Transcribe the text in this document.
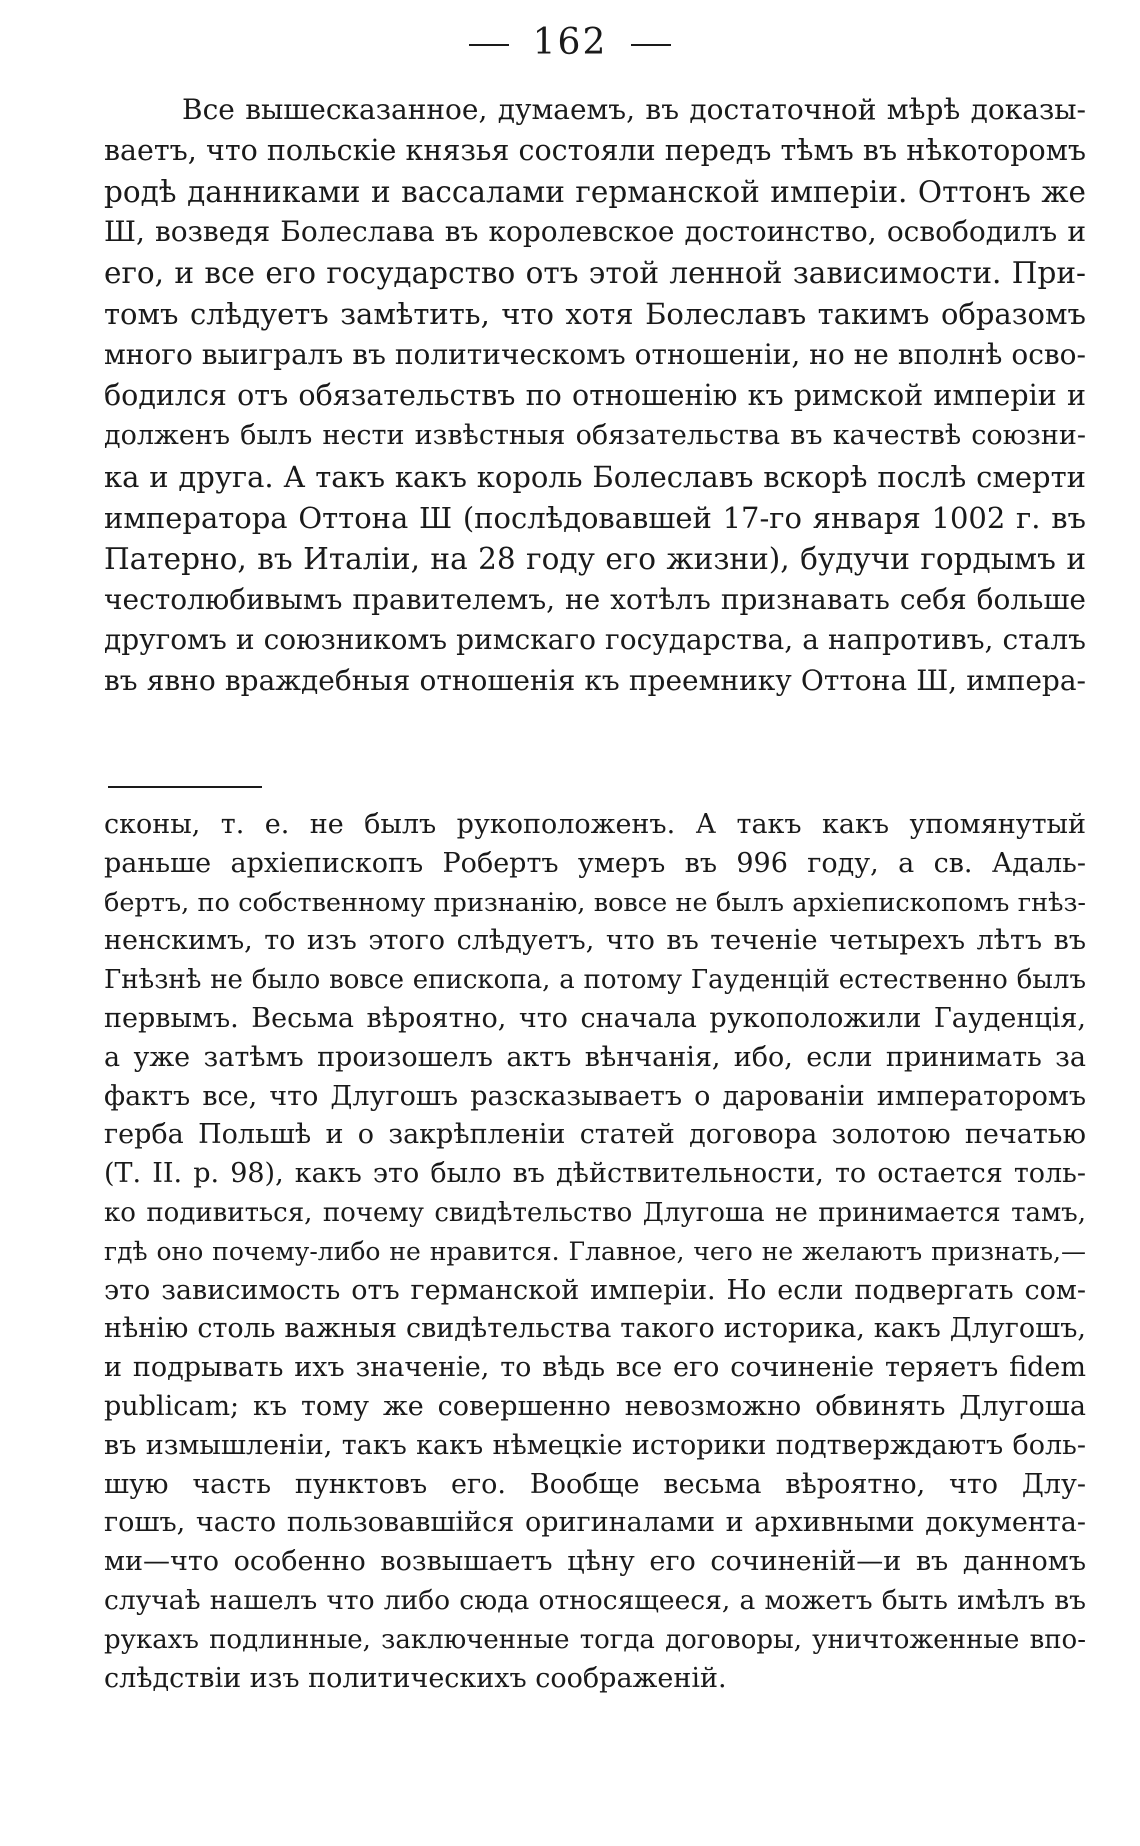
162
Все вышесказанное, думаемъ, въ достаточной мѣрѣ доказы-
ваетъ, что польскіе князья состояли передъ тѣмъ въ нѣкоторомъ
родѣ данниками и вассалами германской имперіи. Оттонъ же
Ш, возведя Болеслава въ королевское достоинство, освободилъ и
его, и все его государство отъ этой ленной зависимости. При-
томъ слѣдуетъ замѣтить, что хотя Болеславъ такимъ образомъ
много выигралъ въ политическомъ отношеніи, но не вполнѣ осво-
бодился отъ обязательствъ по отношенію къ римской имперіи и
долженъ былъ нести извѣстныя обязательства въ качествѣ союзни-
ка и друга. А такъ какъ король Болеславъ вскорѣ послѣ смерти
императора Оттона Ш (послѣдовавшей 17-го января 1002 г. въ
Патерно, въ Италіи, на 28 году его жизни), будучи гордымъ и
честолюбивымъ правителемъ, не хотѣлъ признавать себя больше
другомъ и союзникомъ римскаго государства, а напротивъ, сталъ
въ явно враждебныя отношенія къ преемнику Оттона Ш, импера-
сконы, т. е. не былъ рукоположенъ. А такъ какъ упомянутый
раньше архіепископъ Робертъ умеръ въ 996 году, а св. Адаль-
бертъ, по собственному признанію, вовсе не былъ архіепископомъ гнѣз-
ненскимъ, то изъ этого слѣдуетъ, что въ теченіе четырехъ лѣтъ въ
Гнѣзнѣ не было вовсе епископа, а потому Гауденцій естественно былъ
первымъ. Весьма вѣроятно, что сначала рукоположили Гауденція,
а уже затѣмъ произошелъ актъ вѣнчанія, ибо, если принимать за
фактъ все, что Длугошъ разсказываетъ о дарованіи императоромъ
герба Польшѣ и о закрѣпленіи статей договора золотою печатью
(Т. II. р. 98), какъ это было въ дѣйствительности, то остается толь-
ко подивиться, почему свидѣтельство Длугоша не принимается тамъ,
гдѣ оно почему-либо не нравится. Главное, чего не желаютъ признать,—
это зависимость отъ германской имперіи. Но если подвергать сом-
нѣнію столь важныя свидѣтельства такого историка, какъ Длугошъ,
и подрывать ихъ значеніе, то вѣдь все его сочиненіе теряетъ fidem
publicam; къ тому же совершенно невозможно обвинять Длугоша
въ измышленіи, такъ какъ нѣмецкіе историки подтверждаютъ боль-
шую часть пунктовъ его. Вообще весьма вѣроятно, что Длу-
гошъ, часто пользовавшійся оригиналами и архивными документа-
ми—что особенно возвышаетъ цѣну его сочиненій—и въ данномъ
случаѣ нашелъ что либо сюда относящееся, а можетъ быть имѣлъ въ
рукахъ подлинные, заключенные тогда договоры, уничтоженные впо-
слѣдствіи изъ политическихъ соображеній.
